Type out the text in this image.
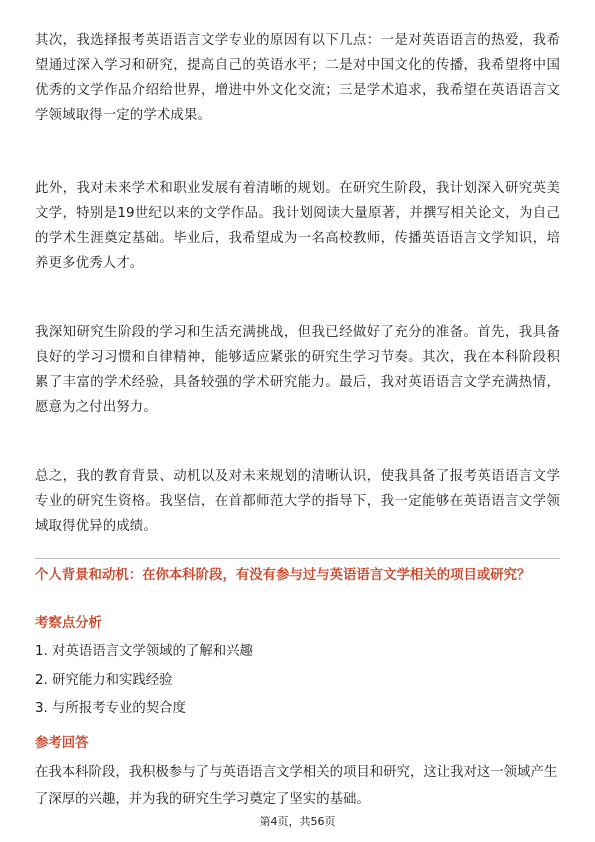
其次，我选择报考英语语言文学专业的原因有以下几点：一是对英语语言的热爱，我希望通过深入学习和研究，提高自己的英语水平；二是对中国文化的传播，我希望将中国优秀的文学作品介绍给世界，增进中外文化交流；三是学术追求，我希望在英语语言文学领域取得一定的学术成果。

此外，我对未来学术和职业发展有着清晰的规划。在研究生阶段，我计划深入研究英美文学，特别是19世纪以来的文学作品。我计划阅读大量原著，并撰写相关论文，为自己的学术生涯奠定基础。毕业后，我希望成为一名高校教师，传播英语语言文学知识，培养更多优秀人才。

我深知研究生阶段的学习和生活充满挑战，但我已经做好了充分的准备。首先，我具备良好的学习习惯和自律精神，能够适应紧张的研究生学习节奏。其次，我在本科阶段积累了丰富的学术经验，具备较强的学术研究能力。最后，我对英语语言文学充满热情，愿意为之付出努力。

总之，我的教育背景、动机以及对未来规划的清晰认识，使我具备了报考英语语言文学专业的研究生资格。我坚信，在首都师范大学的指导下，我一定能够在英语语言文学领域取得优异的成绩。

个人背景和动机：在你本科阶段，有没有参与过与英语语言文学相关的项目或研究？

考察点分析

1. 对英语语言文学领域的了解和兴趣

2. 研究能力和实践经验

3. 与所报考专业的契合度

参考回答

在我本科阶段，我积极参与了与英语语言文学相关的项目和研究，这让我对这一领域产生了深厚的兴趣，并为我的研究生学习奠定了坚实的基础。

第4页，共56页
